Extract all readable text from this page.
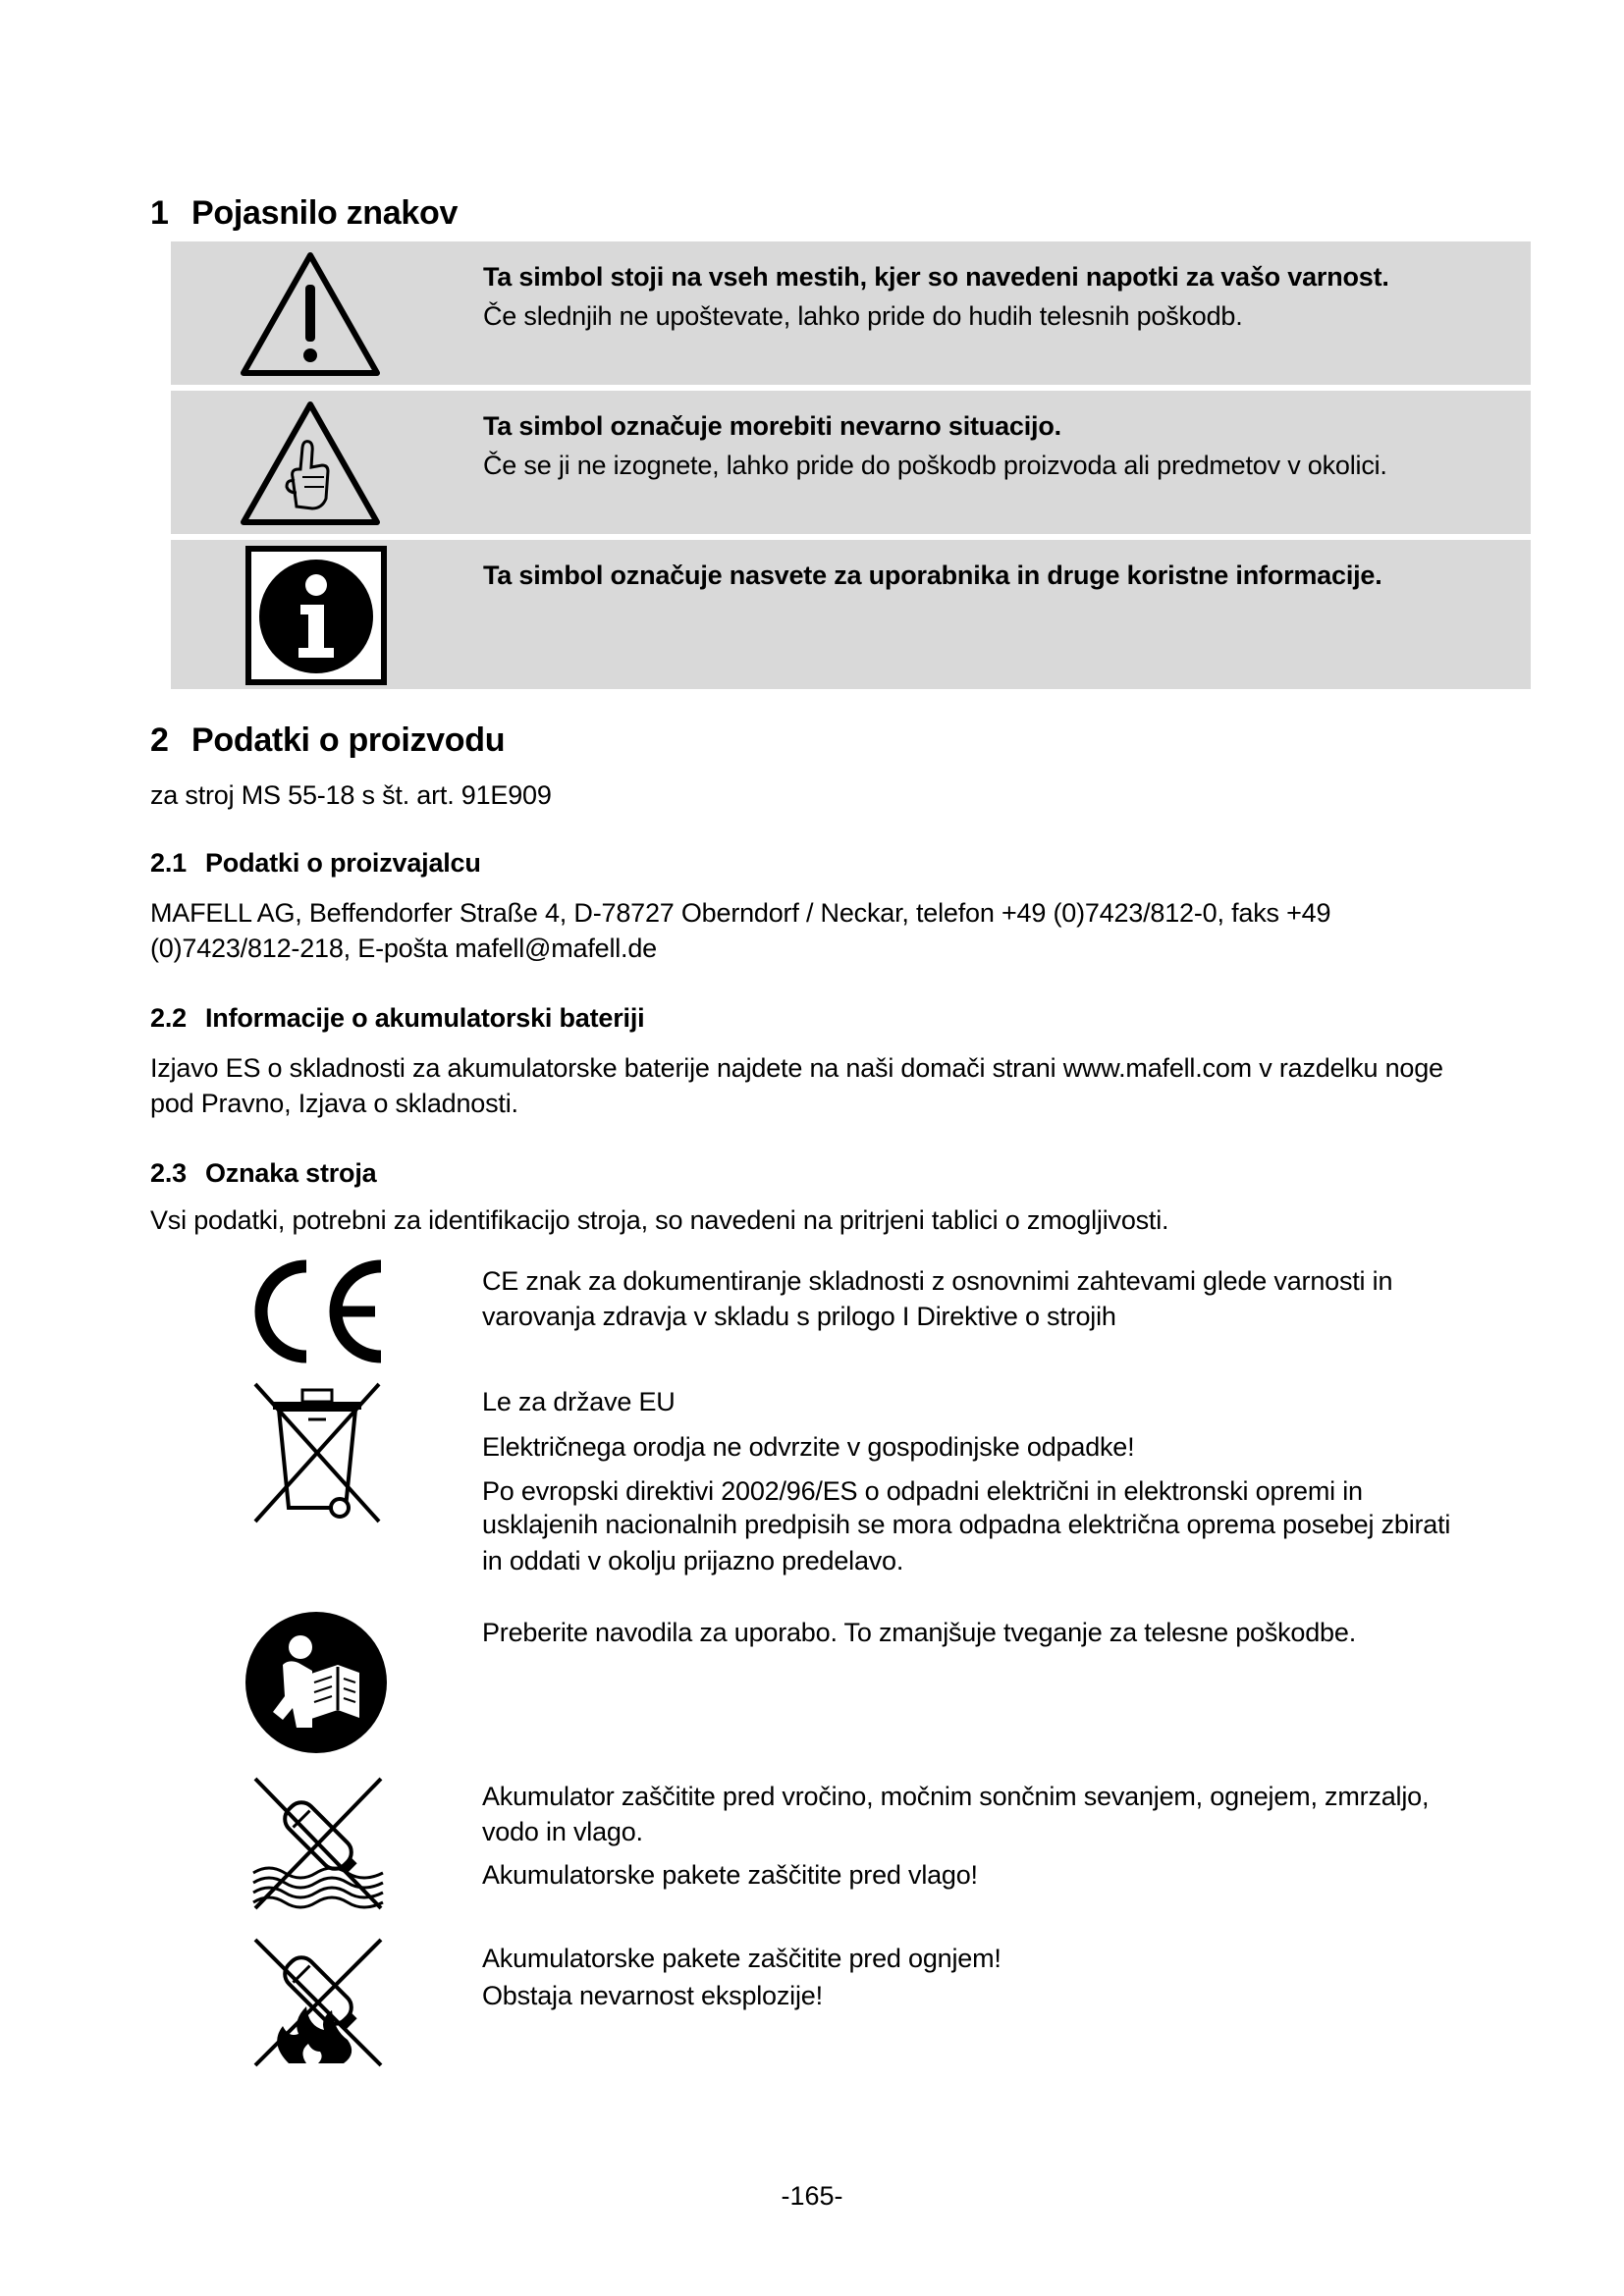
1 Pojasnilo znakov
Ta simbol stoji na vseh mestih, kjer so navedeni napotki za vašo varnost.
Če slednjih ne upoštevate, lahko pride do hudih telesnih poškodb.
Ta simbol označuje morebiti nevarno situacijo.
Če se ji ne izognete, lahko pride do poškodb proizvoda ali predmetov v okolici.
Ta simbol označuje nasvete za uporabnika in druge koristne informacije.
2 Podatki o proizvodu

za stroj MS 55-18 s št. art. 91E909

2.1 Podatki o proizvajalcu

MAFELL AG, Beffendorfer Straße 4, D-78727 Oberndorf / Neckar, telefon +49 (0)7423/812-0, faks +49

(0)7423/812-218, E-pošta mafell@mafell.de

2.2 Informacije o akumulatorski bateriji

Izjavo ES o skladnosti za akumulatorske baterije najdete na naši domači strani www.mafell.com v razdelku noge

pod Pravno, Izjava o skladnosti.

2.3 Oznaka stroja

Vsi podatki, potrebni za identifikacijo stroja, so navedeni na pritrjeni tablici o zmogljivosti.

CE znak za dokumentiranje skladnosti z osnovnimi zahtevami glede varnosti in
varovanja zdravja v skladu s prilogo I Direktive o strojih
Le za države EU
Električnega orodja ne odvrzite v gospodinjske odpadke!
Po evropski direktivi 2002/96/ES o odpadni električni in elektronski opremi in
usklajenih nacionalnih predpisih se mora odpadna električna oprema posebej zbirati
in oddati v okolju prijazno predelavo.
Preberite navodila za uporabo. To zmanjšuje tveganje za telesne poškodbe.
Akumulator zaščitite pred vročino, močnim sončnim sevanjem, ognejem, zmrzaljo,
vodo in vlago.
Akumulatorske pakete zaščitite pred vlago!
Akumulatorske pakete zaščitite pred ognjem!
Obstaja nevarnost eksplozije!
-165-
